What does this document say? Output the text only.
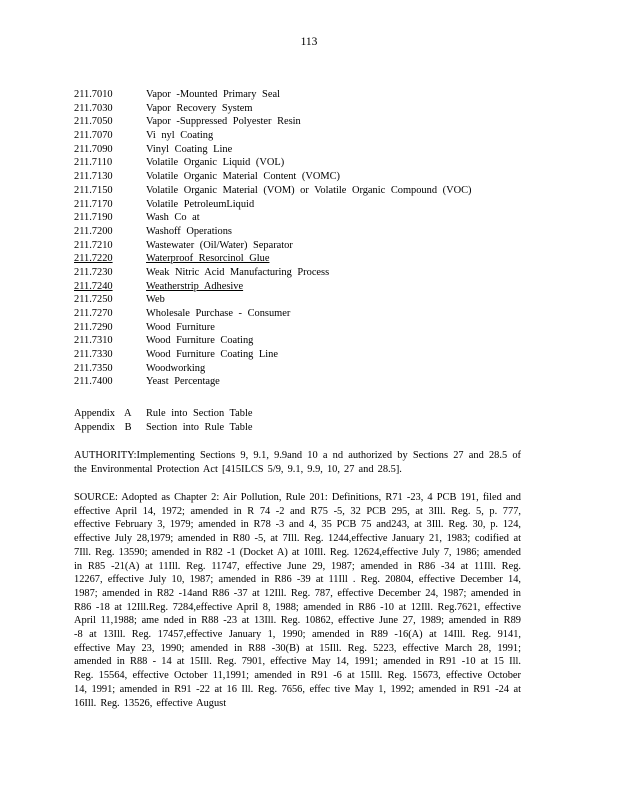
113
211.7010	Vapor -Mounted Primary Seal
211.7030	Vapor Recovery System
211.7050	Vapor -Suppressed Polyester Resin
211.7070	Vi nyl Coating
211.7090	Vinyl Coating Line
211.7110	Volatile Organic Liquid (VOL)
211.7130	Volatile Organic Material Content (VOMC)
211.7150	Volatile Organic Material (VOM) or Volatile Organic Compound (VOC)
211.7170	Volatile PetroleumLiquid
211.7190	Wash Co at
211.7200	Washoff Operations
211.7210	Wastewater (Oil/Water) Separator
211.7220	Waterproof Resorcinol Glue
211.7230	Weak Nitric Acid Manufacturing Process
211.7240	Weatherstrip Adhesive
211.7250	Web
211.7270	Wholesale Purchase - Consumer
211.7290	Wood Furniture
211.7310	Wood Furniture Coating
211.7330	Wood Furniture Coating Line
211.7350	Woodworking
211.7400	Yeast Percentage
Appendix A Rule into Section Table
Appendix B Section into Rule Table
AUTHORITY:Implementing Sections 9, 9.1, 9.9and 10 a nd authorized by Sections 27 and 28.5 of the Environmental Protection Act [415ILCS 5/9, 9.1, 9.9, 10, 27 and 28.5].
SOURCE: Adopted as Chapter 2: Air Pollution, Rule 201: Definitions, R71 -23, 4 PCB 191, filed and effective April 14, 1972; amended in R 74 -2 and R75 -5, 32 PCB 295, at 3Ill. Reg. 5, p. 777, effective February 3, 1979; amended in R78 -3 and 4, 35 PCB 75 and243, at 3Ill. Reg. 30, p. 124, effective July 28,1979; amended in R80 -5, at 7Ill. Reg. 1244,effective January 21, 1983; codified at 7Ill. Reg. 13590; amended in R82 -1 (Docket A) at 10Ill. Reg. 12624,effective July 7, 1986; amended in R85 -21(A) at 11Ill. Reg. 11747, effective June 29, 1987; amended in R86 -34 at 11Ill. Reg. 12267, effective July 10, 1987; amended in R86 -39 at 11Ill . Reg. 20804, effective December 14, 1987; amended in R82 -14and R86 -37 at 12Ill. Reg. 787, effective December 24, 1987; amended in R86 -18 at 12Ill.Reg. 7284,effective April 8, 1988; amended in R86 -10 at 12Ill. Reg.7621, effective April 11,1988; ame nded in R88 -23 at 13Ill. Reg. 10862, effective June 27, 1989; amended in R89 -8 at 13Ill. Reg. 17457,effective January 1, 1990; amended in R89 -16(A) at 14Ill. Reg. 9141, effective May 23, 1990; amended in R88 -30(B) at 15Ill. Reg. 5223, effective March 28, 1991; amended in R88 - 14 at 15Ill. Reg. 7901, effective May 14, 1991; amended in R91 -10 at 15 Ill. Reg. 15564, effective October 11,1991; amended in R91 -6 at 15Ill. Reg. 15673, effective October 14, 1991; amended in R91 -22 at 16 Ill. Reg. 7656, effec tive May 1, 1992; amended in R91 -24 at 16Ill. Reg. 13526, effective August
